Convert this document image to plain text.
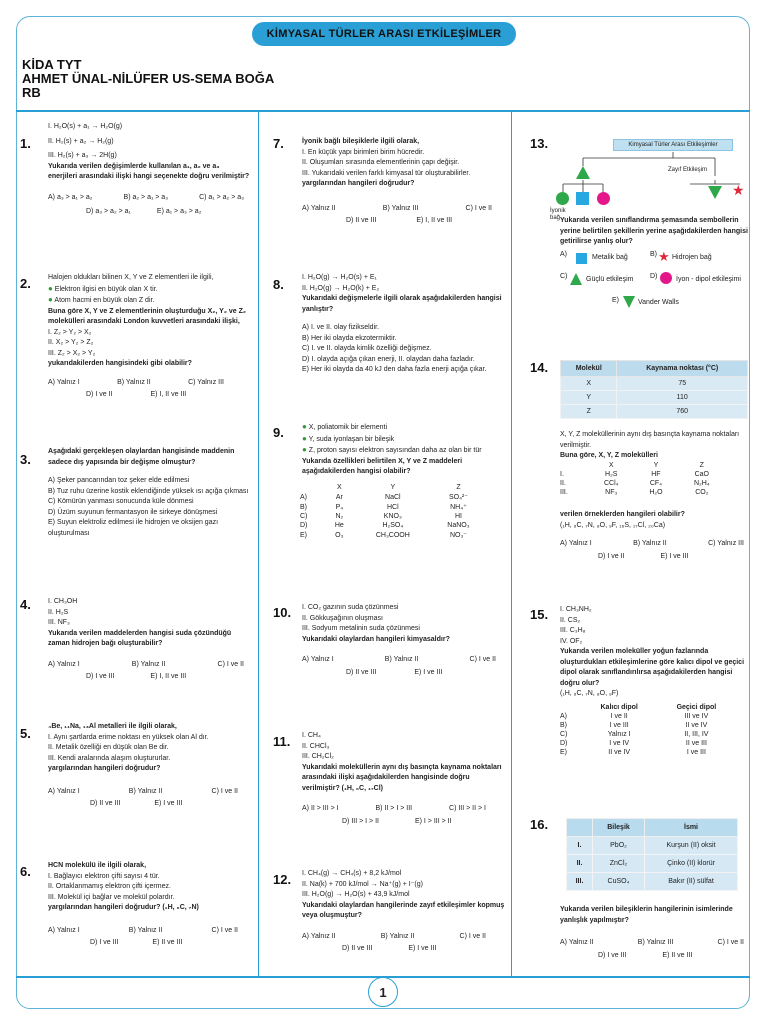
KİMYASAL TÜRLER ARASI ETKİLEŞİMLER
KİDA TYT
AHMET ÜNAL-NİLÜFER US-SEMA BOĞA
RB
1
1.

I. H₂O(s) + a₁ → H₂O(g)

II. H₂(s) + a₂ → H₂(g)

III. H₂(s) + a₃ → 2H(g)

Yukarıda verilen değişimlerde kullanılan a₁, a₂ ve a₃ enerjileri arasındaki ilişki hangi seçenekte doğru verilmiştir?

A) a₃ > a₁ > a₂	B) a₂ > a₁ > a₃	C) a₁ > a₂ > a₃
D) a₃ > a₂ > a₁	E) a₁ > a₃ > a₂
2. Halojen oldukları bilinen X, Y ve Z elementleri ile ilgili,

● Elektron ilgisi en büyük olan X tir.

● Atom hacmi en büyük olan Z dir.

Buna göre X, Y ve Z elementlerinin oluşturduğu X₂, Y₂ ve Z₂ molekülleri arasındaki London kuvvetleri arasındaki ilişki,

I. Z₂ > Y₂ > X₂

II. X₂ > Y₂ > Z₂

III. Z₂ > X₂ > Y₂

yukarıdakilerden hangisindeki gibi olabilir?

A) Yalnız I	B) Yalnız II	C) Yalnız III
D) I ve II	E) I, II ve III
3.

Aşağıdaki gerçekleşen olaylardan hangisinde maddenin sadece dış yapısında bir değişme olmuştur?

A) Şeker pancarından toz şeker elde edilmesi

B) Tuz ruhu üzerine kostik eklendiğinde yüksek ısı açığa çıkması

C) Kömürün yanması sonucunda küle dönmesi

D) Üzüm suyunun fermantasyon ile sirkeye dönüşmesi

E) Suyun elektroliz edilmesi ile hidrojen ve oksijen gazı oluşturulması

4. I. CH₃OH

II. H₂S

III. NF₃

Yukarıda verilen maddelerden hangisi suda çözündüğü zaman hidrojen bağı oluşturabilir?

A) Yalnız I	B) Yalnız II	C) I ve II
D) I ve III	E) I, II ve III
5. ₄Be, ₁₁Na, ₁₃Al metalleri ile ilgili olarak,

I. Aynı şartlarda erime noktası en yüksek olan Al dır.

II. Metalik özelliği en düşük olan Be dir.

III. Kendi aralarında alaşım oluştururlar.

yargılarından hangileri doğrudur?

A) Yalnız I	B) Yalnız II	C) I ve II
D) II ve III	E) I ve III
6. HCN molekülü ile ilgili olarak,

I. Bağlayıcı elektron çifti sayısı 4 tür.

II. Ortaklanmamış elektron çifti içermez.

III. Molekül içi bağlar ve molekül polardır.

yargılarından hangileri doğrudur? (₁H, ₆C, ₇N)

A) Yalnız I	B) Yalnız II	C) I ve II
D) I ve III	E) II ve III
7.	İyonik bağlı bileşiklerle ilgili olarak,

I. En küçük yapı birimleri birim hücredir.

II. Oluşumları sırasında elementlerinin çapı değişir.

III. Yukarıdaki verilen farklı kimyasal tür oluşturabilirler.

yargılarından hangileri doğrudur?

A) Yalnız II	B) Yalnız III	C) I ve II
D) II ve III	E) I, II ve III
8.	I. H₂O(g) → H₂O(s) + E₁

II. H₂O(g) → H₂O(k) + E₂

Yukarıdaki değişmelerle ilgili olarak aşağıdakilerden hangisi yanlıştır?

A) I. ve II. olay fizikseldir.

B) Her iki olayda ekzotermiktir.

C) I. ve II. olayda kimlik özelliği değişmez.

D) I. olayda açığa çıkan enerji, II. olaydan daha fazladır.

E) Her iki olayda da 40 kJ den daha fazla enerji açığa çıkar.

9. ● X, poliatomik bir elementi

● Y, suda iyonlaşan bir bileşik

● Z, proton sayısı elektron sayısından daha az olan bir tür

Yukarıda özellikleri belirtilen X, Y ve Z maddeleri aşağıdakilerden hangisi olabilir?

	X	Y	Z
A)	Ar	NaCl	SO₄²⁻
B)	P₄	HCl	NH₄⁺
C)	N₂	KNO₃	HI
D)	He	H₂SO₄	NaNO₃
E)	O₃	CH₃COOH	NO₃⁻
10. I. CO₂ gazının suda çözünmesi

II. Gökkuşağının oluşması

III. Sodyum metalinin suda çözünmesi

Yukarıdaki olaylardan hangileri kimyasaldır?

A) Yalnız I	B) Yalnız II	C) I ve II
D) II ve III	E) I ve III
11. I. CH₄

II. CHCl₃

III. CH₂Cl₂

Yukarıdaki moleküllerin aynı dış basınçta kaynama noktaları arasındaki ilişki aşağıdakilerden hangisinde doğru verilmiştir? (₁H, ₆C, ₁₇Cl)

A) II > III > I	B) II > I > III	C) III > II > I
D) III > I > II	E) I > III > II
12. I. CH₄(g) → CH₄(s) + 8,2 kJ/mol

II. Na(k) + 700 kJ/mol → Na⁺(g) + I⁻(g)

III. H₂O(g) → H₂O(s) + 43,9 kJ/mol

Yukarıdaki olaylardan hangilerinde zayıf etkileşimler kopmuş veya oluşmuştur?

A) Yalnız II	B) Yalnız II	C) I ve II
D) II ve III	E) I ve III
13.	Kimyasal Türler Arası Etkileşimler
Zayıf Etkileşim
★
İyonik bağ Yukarıda verilen sınıflandırma şemasında sembollerin yerine belirtilen şekillerin yerine aşağıdakilerden hangisi getirilirse yanlış olur?

A)	Metalik bağ	B) ★ Hidrojen bağ
C)	Güçlü etkileşim D)	İyon - dipol etkileşimi
E)	Vander Walls
14.	Molekül	Kaynama noktası (°C)
X	75
Y	110
Z	760

X, Y, Z moleküllerinin aynı dış basınçta kaynama noktaları verilmiştir.

Buna göre, X, Y, Z molekülleri

	X	Y	Z
I.	H₂S	HF	CaO
II.	CCl₄	CF₄	N₂H₄
III.	NF₃	H₂O	CO₂

verilen örneklerden hangileri olabilir?

(₁H, ₆C, ₇N, ₈O, ₉F, ₁₆S, ₁₇Cl, ₂₀Ca)

A) Yalnız I	B) Yalnız II	C) Yalnız III
D) I ve II	E) I ve III
15. I. CH₃NH₂

II. CS₂

III. C₃H₈

IV. OF₂

Yukarıda verilen moleküller yoğun fazlarında oluşturdukları etkileşimlerine göre kalıcı dipol ve geçici dipol olarak sınıflandırılırsa aşağıdakilerden hangisi doğru olur?

(₁H, ₆C, ₇N, ₈O, ₉F)

	Kalıcı dipol	Geçici dipol
A)	I ve II	III ve IV
B)	I ve III	II ve IV
C)	Yalnız I	II, III, IV
D)	I ve IV	II ve III
E)	II ve IV	I ve III
16.
		Bileşik	İsmi
I.	PbO₂	Kurşun (II) oksit
II.	ZnCl₂	Çinko (II) klorür
III.	CuSO₄	Bakır (II) sülfat

Yukarıda verilen bileşiklerin hangilerinin isimlerinde yanlışlık yapılmıştır?

A) Yalnız II	B) Yalnız III	C) I ve II
D) I ve III	E) II ve III
